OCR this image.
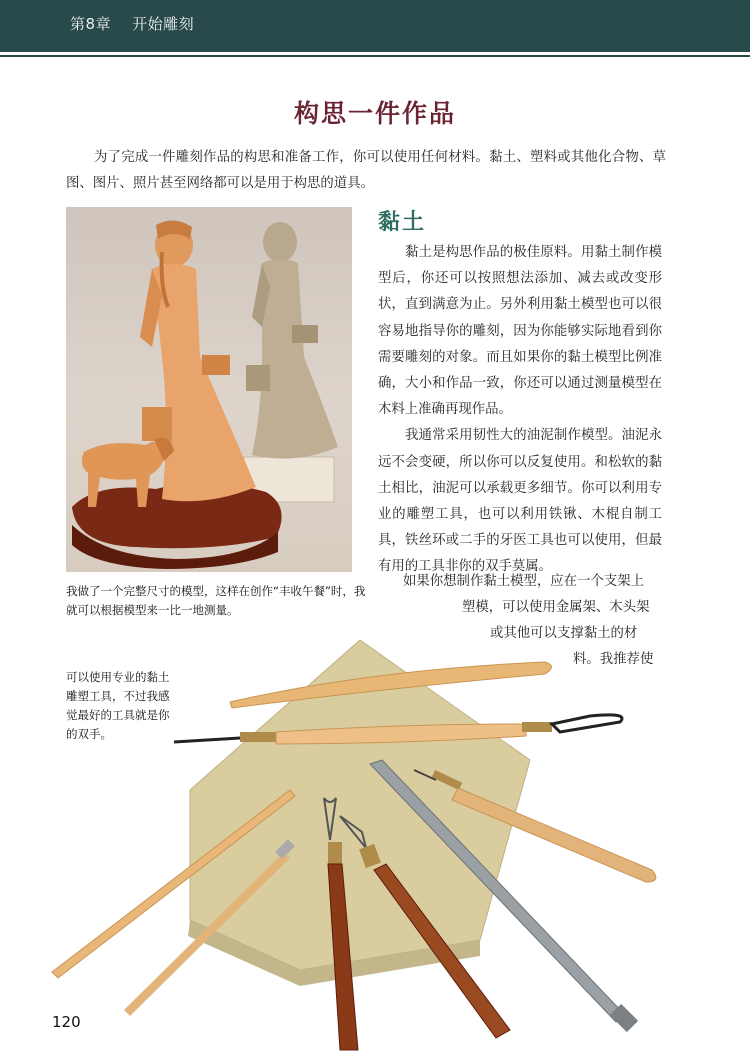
第8章 开始雕刻
构思一件作品

为了完成一件雕刻作品的构思和准备工作，你可以使用任何材料。黏土、塑料或其他化合物、草图、图片、照片甚至网络都可以是用于构思的道具。

我做了一个完整尺寸的模型，这样在创作“丰收午餐”时，我就可以根据模型来一比一地测量。

黏土

黏土是构思作品的极佳原料。用黏土制作模型后，你还可以按照想法添加、减去或改变形状，直到满意为止。另外利用黏土模型也可以很容易地指导你的雕刻，因为你能够实际地看到你需要雕刻的对象。而且如果你的黏土模型比例准确，大小和作品一致，你还可以通过测量模型在木料上准确再现作品。

我通常采用韧性大的油泥制作模型。油泥永远不会变硬，所以你可以反复使用。和松软的黏土相比，油泥可以承载更多细节。你可以利用专业的雕塑工具，也可以利用铁锹、木棍自制工具，铁丝环或二手的牙医工具也可以使用，但最有用的工具非你的双手莫属。

如果你想制作黏土模型，应在一个支架上
塑模，可以使用金属架、木头架
或其他可以支撑黏土的材
料。我推荐使

可以使用专业的黏土雕塑工具，不过我感觉最好的工具就是你的双手。

120
